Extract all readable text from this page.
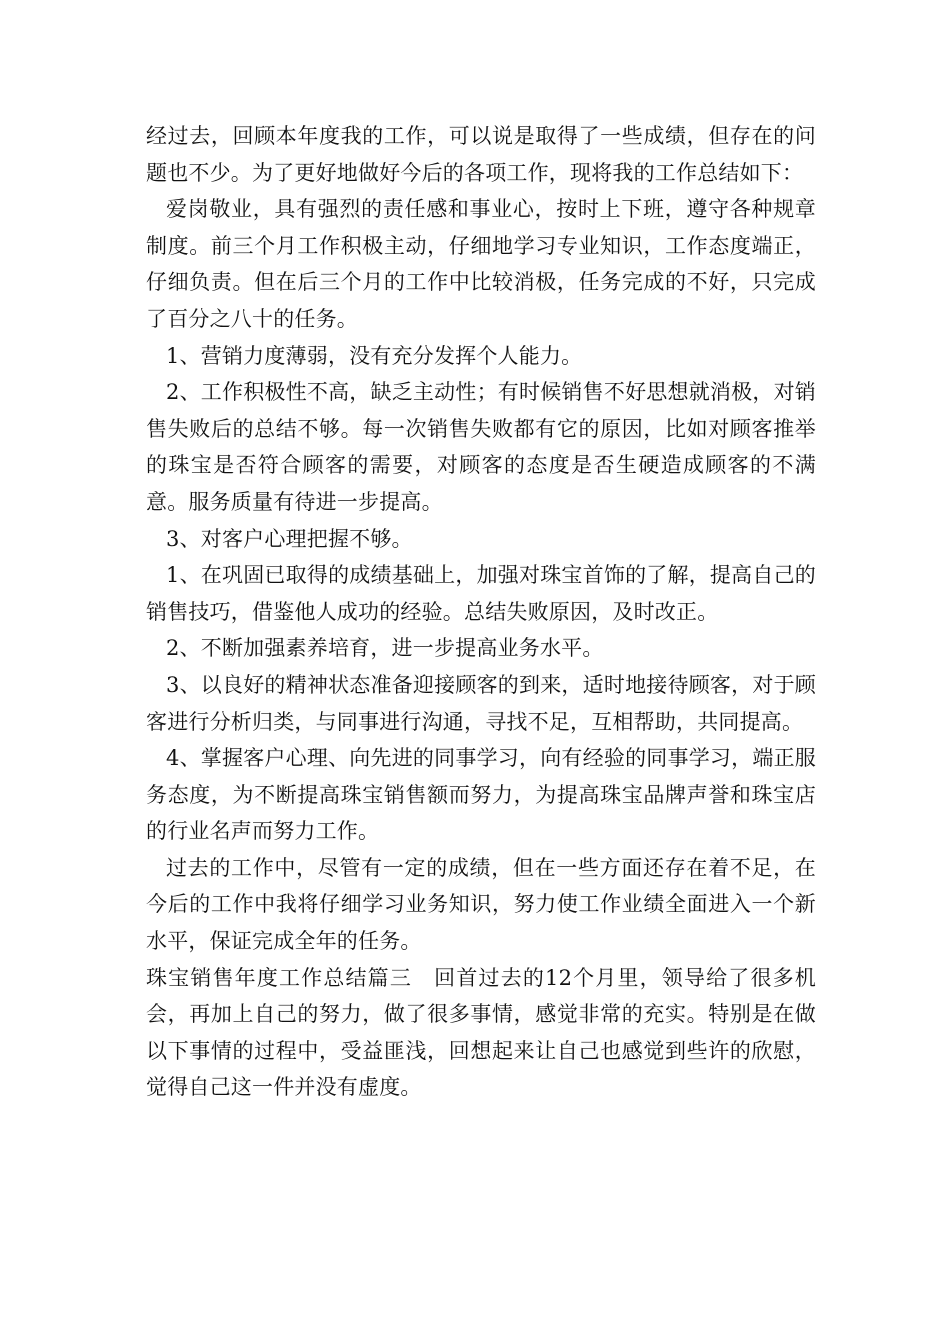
经过去，回顾本年度我的工作，可以说是取得了一些成绩，但存在的问题也不少。为了更好地做好今后的各项工作，现将我的工作总结如下：

爱岗敬业，具有强烈的责任感和事业心，按时上下班，遵守各种规章制度。前三个月工作积极主动，仔细地学习专业知识，工作态度端正，仔细负责。但在后三个月的工作中比较消极，任务完成的不好，只完成了百分之八十的任务。

1、营销力度薄弱，没有充分发挥个人能力。

2、工作积极性不高，缺乏主动性；有时候销售不好思想就消极，对销售失败后的总结不够。每一次销售失败都有它的原因，比如对顾客推举的珠宝是否符合顾客的需要，对顾客的态度是否生硬造成顾客的不满意。服务质量有待进一步提高。

3、对客户心理把握不够。

1、在巩固已取得的成绩基础上，加强对珠宝首饰的了解，提高自己的销售技巧，借鉴他人成功的经验。总结失败原因，及时改正。

2、不断加强素养培育，进一步提高业务水平。

3、以良好的精神状态准备迎接顾客的到来，适时地接待顾客，对于顾客进行分析归类，与同事进行沟通，寻找不足，互相帮助，共同提高。

4、掌握客户心理、向先进的同事学习，向有经验的同事学习，端正服务态度，为不断提高珠宝销售额而努力，为提高珠宝品牌声誉和珠宝店的行业名声而努力工作。

过去的工作中，尽管有一定的成绩，但在一些方面还存在着不足，在今后的工作中我将仔细学习业务知识，努力使工作业绩全面进入一个新水平，保证完成全年的任务。

珠宝销售年度工作总结篇三　回首过去的12个月里，领导给了很多机会，再加上自己的努力，做了很多事情，感觉非常的充实。特别是在做以下事情的过程中，受益匪浅，回想起来让自己也感觉到些许的欣慰，觉得自己这一件并没有虚度。
